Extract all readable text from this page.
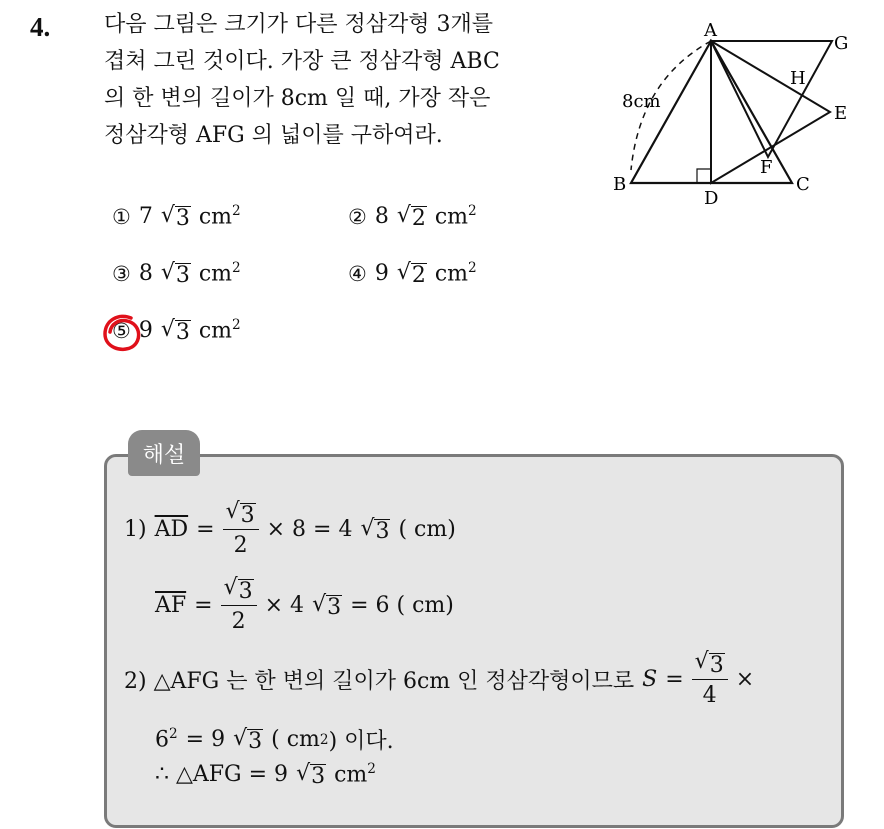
4. 다음 그림은 크기가 다른 정삼각형 3개를
겹쳐 그린 것이다. 가장 큰 정삼각형 ABC
의 한 변의 길이가 8cm 일 때, 가장 작은
정삼각형 AFG 의 넓이를 구하여라.
A
B	C
D
E
F
G
H
8cm
① 7 √ 3 $cm^2$	② 8 √ 2 $cm^2$
③ 8 √ 3 $cm^2$	④ 9 √ 2 $cm^2$
⑤ 9 √ 3 $cm^2$
해설
1) $\overline{AD} = \frac{√ 3}{2} \times 8 = 4$ √ 3 ( cm)
$\overline{AF} = \frac{√ 3}{2} \times 4$ √ 3 = 6 ( cm)
2) △AFG 는 한 변의 길이가 6cm 인 정삼각형이므로 $S = \frac{√ 3}{4}$ ×
$6^2 = 9$ √ 3 ( cm 2 ) 이다.
∴ △AFG = 9 √ 3 $cm^2$
